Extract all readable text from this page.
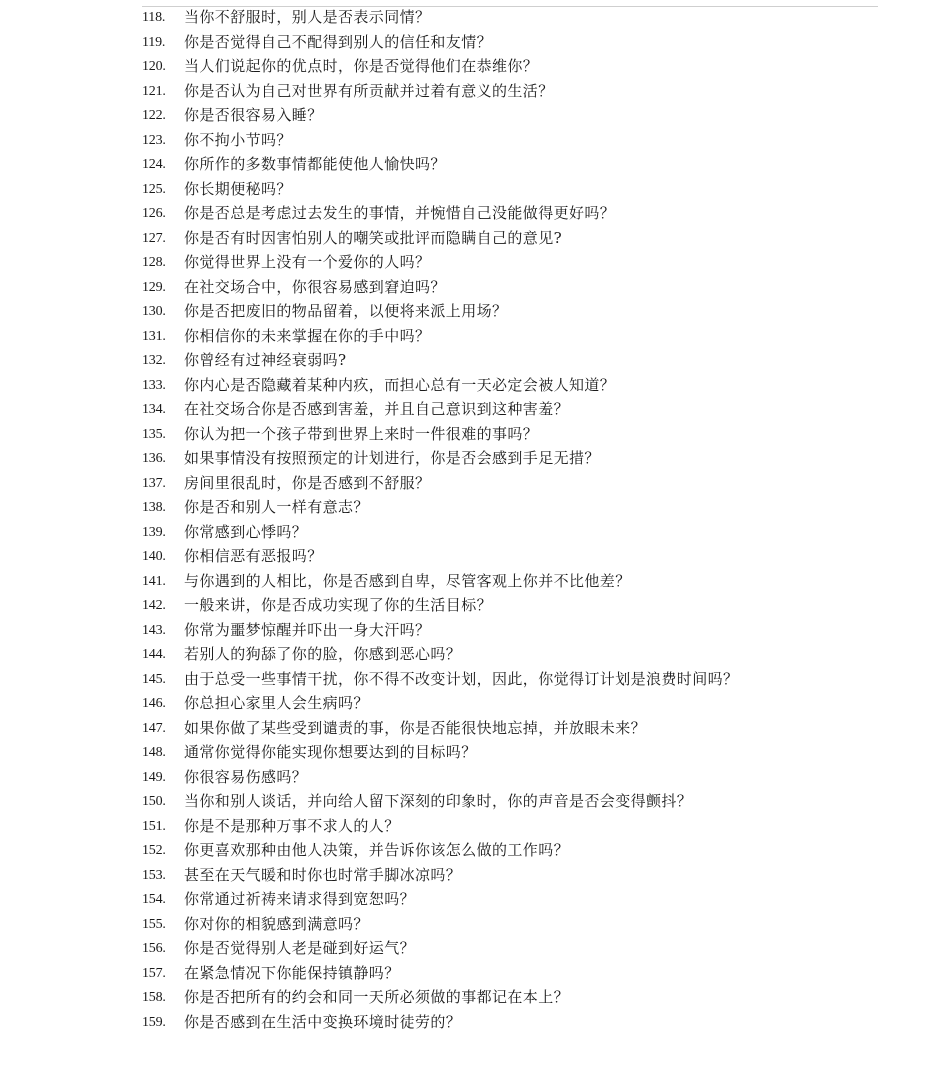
118.	当你不舒服时，别人是否表示同情？
119.	你是否觉得自己不配得到别人的信任和友情？
120.	当人们说起你的优点时，你是否觉得他们在恭维你？
121.	你是否认为自己对世界有所贡献并过着有意义的生活？
122.	你是否很容易入睡？
123.	你不拘小节吗？
124.	你所作的多数事情都能使他人愉快吗？
125.	你长期便秘吗？
126.	你是否总是考虑过去发生的事情，并惋惜自己没能做得更好吗？
127.	你是否有时因害怕别人的嘲笑或批评而隐瞒自己的意见?
128.	你觉得世界上没有一个爱你的人吗？
129.	在社交场合中，你很容易感到窘迫吗？
130.	你是否把废旧的物品留着，以便将来派上用场？
131.	你相信你的未来掌握在你的手中吗？
132.	你曾经有过神经衰弱吗?
133.	你内心是否隐藏着某种内疚，而担心总有一天必定会被人知道？
134.	在社交场合你是否感到害羞，并且自己意识到这种害羞？
135.	你认为把一个孩子带到世界上来时一件很难的事吗？
136.	如果事情没有按照预定的计划进行，你是否会感到手足无措？
137.	房间里很乱时，你是否感到不舒服？
138.	你是否和别人一样有意志？
139.	你常感到心悸吗？
140.	你相信恶有恶报吗？
141.	与你遇到的人相比，你是否感到自卑，尽管客观上你并不比他差？
142.	一般来讲，你是否成功实现了你的生活目标？
143.	你常为噩梦惊醒并吓出一身大汗吗？
144.	若别人的狗舔了你的脸，你感到恶心吗？
145.	由于总受一些事情干扰，你不得不改变计划，因此，你觉得订计划是浪费时间吗？
146.	你总担心家里人会生病吗？
147.	如果你做了某些受到谴责的事，你是否能很快地忘掉，并放眼未来？
148.	通常你觉得你能实现你想要达到的目标吗？
149.	你很容易伤感吗？
150.	当你和别人谈话，并向给人留下深刻的印象时，你的声音是否会变得颤抖？
151.	你是不是那种万事不求人的人？
152.	你更喜欢那种由他人决策，并告诉你该怎么做的工作吗？
153.	甚至在天气暖和时你也时常手脚冰凉吗？
154.	你常通过祈祷来请求得到宽恕吗？
155.	你对你的相貌感到满意吗？
156.	你是否觉得别人老是碰到好运气？
157.	在紧急情况下你能保持镇静吗？
158.	你是否把所有的约会和同一天所必须做的事都记在本上？
159.	你是否感到在生活中变换环境时徒劳的？
